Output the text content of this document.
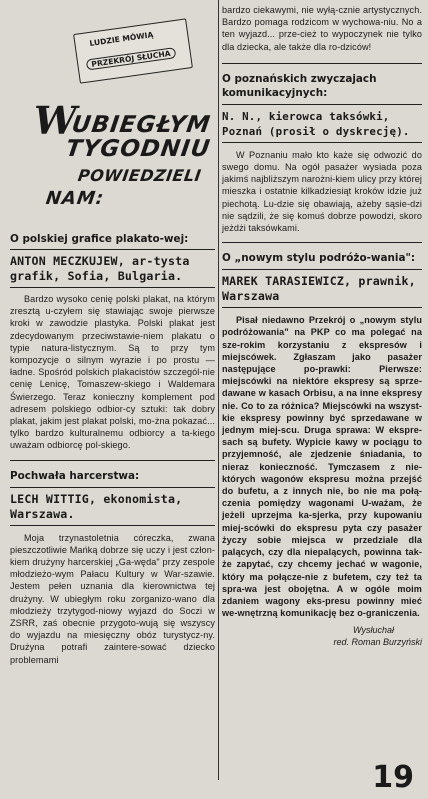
LUDZIE MÓWIĄ
PRZEKRÓJ SŁUCHA
W
UBIEGŁYM
TYGODNIU
POWIEDZIELI
NAM:
O polskiej grafice plakato-wej:
ANTON MECZKUJEW, ar-tysta grafik, Sofia, Bulgaria.

Bardzo wysoko cenię polski plakat, na którym zresztą u-czyłem się stawiając swoje pierwsze kroki w zawodzie plastyka. Polski plakat jest zdecydowanym przeciwstawie-niem plakatu o typie natura-listycznym. Są to przy tym kompozycje o silnym wyrazie i po prostu — ładne. Spośród polskich plakacistów szczegól-nie cenię Lenicę, Tomaszew-skiego i Waldemara Świerzego. Teraz konieczny komplement pod adresem polskiego odbior-cy sztuki: tak dobry plakat, jakim jest plakat polski, mo-żna pokazać... tylko bardzo kulturalnemu odbiorcy a ta-kiego uważam odbiorcę pol-skiego.

Pochwała harcerstwa:
LECH WITTIG, ekonomista, Warszawa.

Moja trzynastoletnia córeczka, zwana pieszczotliwie Mańką dobrze się uczy i jest człon-kiem drużyny harcerskiej „Ga-węda" przy zespole młodzieżo-wym Pałacu Kultury w War-szawie. Jestem pełen uznania dla kierownictwa tej drużyny. W ubiegłym roku zorganizo-wano dla młodzieży trzytygod-niowy wyjazd do Soczi w ZSRR, zaś obecnie przygoto-wują się wszyscy do wyjazdu na miesięczny obóz turystycz-ny. Drużyna potrafi zaintere-sować dziecko problemami

bardzo ciekawymi, nie wyłą-cznie artystycznych. Bardzo pomaga rodzicom w wychowa-niu. No a ten wyjazd... prze-cież to wypoczynek nie tylko dla dziecka, ale także dla ro-dziców!

O poznańskich zwyczajach komunikacyjnych:
N. N., kierowca taksówki, Poznań (prosił o dyskrecję).

W Poznaniu mało kto każe się odwozić do swego domu. Na ogół pasażer wysiada poza jakimś najbliższym narożni-kiem ulicy przy której mieszka i ostatnie kilkadziesiąt kroków idzie już piechotą. Lu-dzie się obawiają, ażeby sąsie-dzi nie sądzili, że się komuś dobrze powodzi, skoro jeżdżi taksówkami.

O „nowym stylu podróżo-wania":
MAREK TARASIEWICZ, prawnik, Warszawa

Pisał niedawno Przekrój o „nowym stylu podróżowania" na PKP co ma polegać na sze-rokim korzystaniu z ekspresów i miejscówek. Zgłaszam jako pasażer następujące po-prawki: Pierwsze: miejscówki na niektóre ekspresy są sprze-dawane w kasach Orbisu, a na inne ekspresy nie. Co to za różnica? Miejscówki na wszyst-kie ekspresy powinny być sprzedawane w jednym miej-scu. Druga sprawa: W ekspre-sach są bufety. Wypicie kawy w pociągu to przyjemność, ale zjedzenie śniadania, to nieraz konieczność. Tymczasem z nie-których wagonów ekspresu można przejść do bufetu, a z innych nie, bo nie ma połą-czenia pomiędzy wagonami U-ważam, że jeżeli uprzejma ka-sjerka, przy kupowaniu miej-scówki do ekspresu pyta czy pasażer życzy sobie miejsca w przedziale dla palących, czy dla niepalących, powinna tak-że zapytać, czy chcemy jechać w wagonie, który ma połącze-nie z bufetem, czy też ta spra-wa jest obojętna. A w ogóle moim zdaniem wagony eks-presu powinny mieć we-wnętrzną komunikację bez o-graniczenia.

Wysłuchał
red. Roman Burzyński
19
